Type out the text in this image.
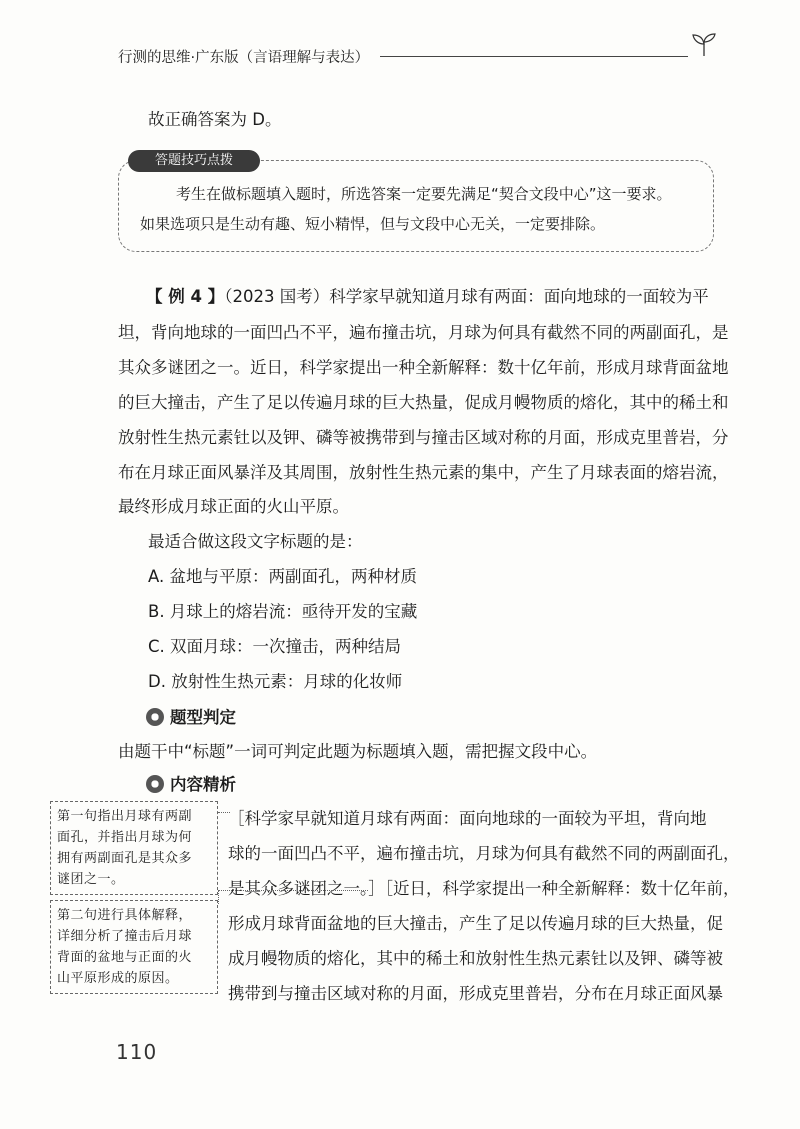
行测的思维·广东版（言语理解与表达）
故正确答案为 D。
答题技巧点拨
考生在做标题填入题时，所选答案一定要先满足“契合文段中心”这一要求。
如果选项只是生动有趣、短小精悍，但与文段中心无关，一定要排除。
【 例 4 】（2023 国考）科学家早就知道月球有两面：面向地球的一面较为平
坦，背向地球的一面凹凸不平，遍布撞击坑，月球为何具有截然不同的两副面孔，是
其众多谜团之一。近日，科学家提出一种全新解释：数十亿年前，形成月球背面盆地
的巨大撞击，产生了足以传遍月球的巨大热量，促成月幔物质的熔化，其中的稀土和
放射性生热元素钍以及钾、磷等被携带到与撞击区域对称的月面，形成克里普岩，分
布在月球正面风暴洋及其周围，放射性生热元素的集中，产生了月球表面的熔岩流，
最终形成月球正面的火山平原。
最适合做这段文字标题的是：
A. 盆地与平原：两副面孔，两种材质
B. 月球上的熔岩流：亟待开发的宝藏
C. 双面月球：一次撞击，两种结局
D. 放射性生热元素：月球的化妆师
题型判定
由题干中“标题”一词可判定此题为标题填入题，需把握文段中心。
内容精析
［科学家早就知道月球有两面：面向地球的一面较为平坦，背向地
球的一面凹凸不平，遍布撞击坑，月球为何具有截然不同的两副面孔，
是其众多谜团之一。］［近日，科学家提出一种全新解释：数十亿年前，
形成月球背面盆地的巨大撞击，产生了足以传遍月球的巨大热量，促
成月幔物质的熔化，其中的稀土和放射性生热元素钍以及钾、磷等被
携带到与撞击区域对称的月面，形成克里普岩，分布在月球正面风暴
第一句指出月球有两副
面孔，并指出月球为何
拥有两副面孔是其众多
谜团之一。
第二句进行具体解释，
详细分析了撞击后月球
背面的盆地与正面的火
山平原形成的原因。
110
